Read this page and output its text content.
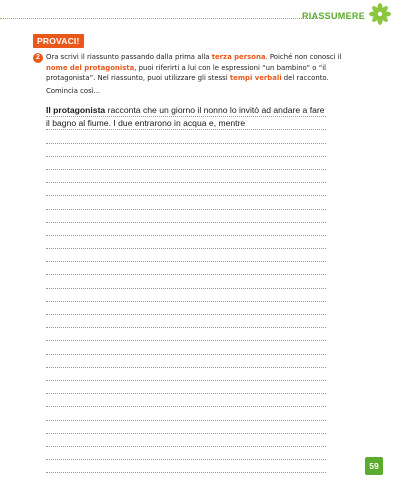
RIASSUMERE
PROVACI!
2 Ora scrivi il riassunto passando dalla prima alla terza persona. Poiché non conosci il nome del protagonista, puoi riferirti a lui con le espressioni “un bambino” o “il protagonista”. Nel riassunto, puoi utilizzare gli stessi tempi verbali del racconto.
Comincia così...
Il protagonista racconta che un giorno il nonno lo invitò ad andare a fare
il bagno al fiume. I due entrarono in acqua e, mentre
59
